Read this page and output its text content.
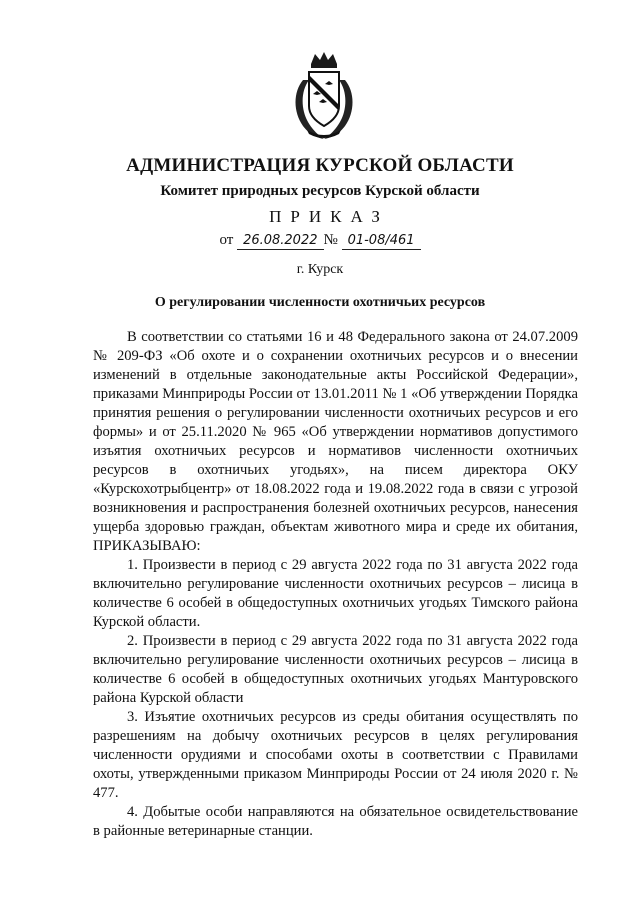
АДМИНИСТРАЦИЯ КУРСКОЙ ОБЛАСТИ
Комитет природных ресурсов Курской области
ПРИКАЗ
от 26.08.2022 № 01-08/461
г. Курск
О регулировании численности охотничьих ресурсов

В соответствии со статьями 16 и 48 Федерального закона от 24.07.2009 № 209-ФЗ «Об охоте и о сохранении охотничьих ресурсов и о внесении изменений в отдельные законодательные акты Российской Федерации», приказами Минприроды России от 13.01.2011 № 1 «Об утверждении Порядка принятия решения о регулировании численности охотничьих ресурсов и его формы» и от 25.11.2020 № 965 «Об утверждении нормативов допустимого изъятия охотничьих ресурсов и нормативов численности охотничьих ресурсов в охотничьих угодьях», на писем директора ОКУ «Курскохотрыбцентр» от 18.08.2022 года и 19.08.2022 года в связи с угрозой возникновения и распространения болезней охотничьих ресурсов, нанесения ущерба здоровью граждан, объектам животного мира и среде их обитания, ПРИКАЗЫВАЮ:

1. Произвести в период с 29 августа 2022 года по 31 августа 2022 года включительно регулирование численности охотничьих ресурсов – лисица в количестве 6 особей в общедоступных охотничьих угодьях Тимского района Курской области.

2. Произвести в период с 29 августа 2022 года по 31 августа 2022 года включительно регулирование численности охотничьих ресурсов – лисица в количестве 6 особей в общедоступных охотничьих угодьях Мантуровского района Курской области

3. Изъятие охотничьих ресурсов из среды обитания осуществлять по разрешениям на добычу охотничьих ресурсов в целях регулирования численности орудиями и способами охоты в соответствии с Правилами охоты, утвержденными приказом Минприроды России от 24 июля 2020 г. № 477.

4. Добытые особи направляются на обязательное освидетельствование в районные ветеринарные станции.
